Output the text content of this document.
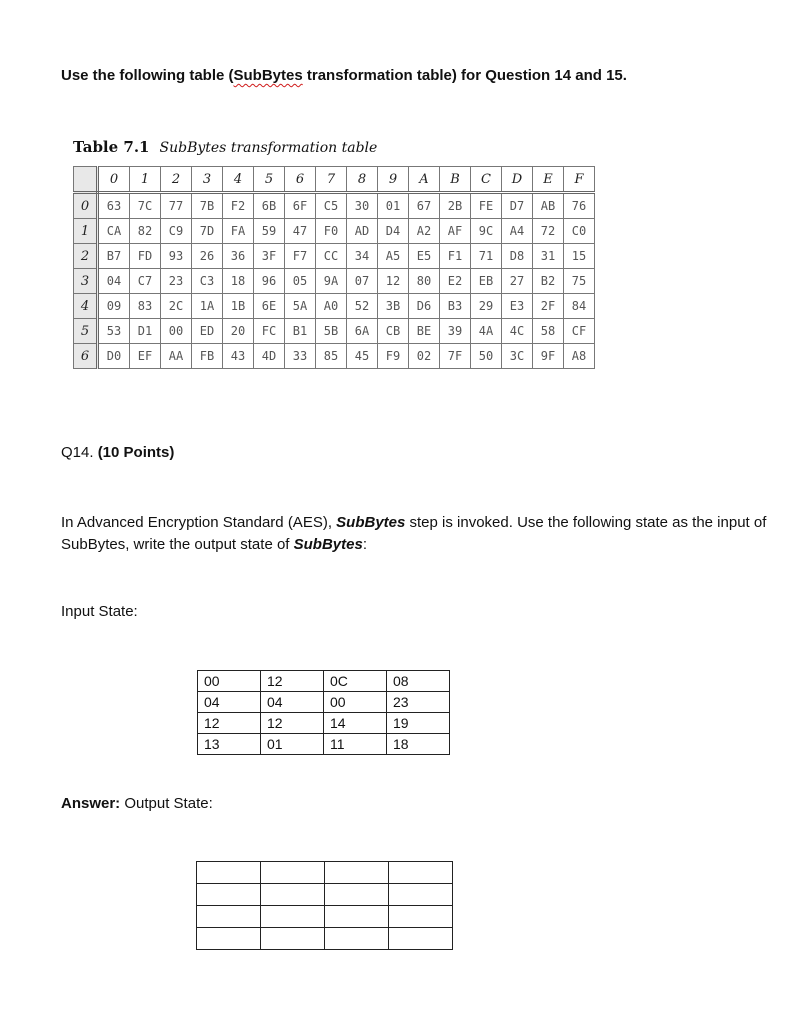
Use the following table (SubBytes transformation table) for Question 14 and 15.
Table 7.1 SubBytes transformation table
	0	1	2	3	4	5	6	7	8	9	A	B	C	D	E	F
0	63	7C	77	7B	F2	6B	6F	C5	30	01	67	2B	FE	D7	AB	76
1	CA	82	C9	7D	FA	59	47	F0	AD	D4	A2	AF	9C	A4	72	C0
2	B7	FD	93	26	36	3F	F7	CC	34	A5	E5	F1	71	D8	31	15
3	04	C7	23	C3	18	96	05	9A	07	12	80	E2	EB	27	B2	75
4	09	83	2C	1A	1B	6E	5A	A0	52	3B	D6	B3	29	E3	2F	84
5	53	D1	00	ED	20	FC	B1	5B	6A	CB	BE	39	4A	4C	58	CF
6	D0	EF	AA	FB	43	4D	33	85	45	F9	02	7F	50	3C	9F	A8
Q14. (10 Points)
In Advanced Encryption Standard (AES), SubBytes step is invoked. Use the following state as the input of SubBytes, write the output state of SubBytes:
Input State:
00	12	0C	08
04	04	00	23
12	12	14	19
13	01	11	18
Answer: Output State:
